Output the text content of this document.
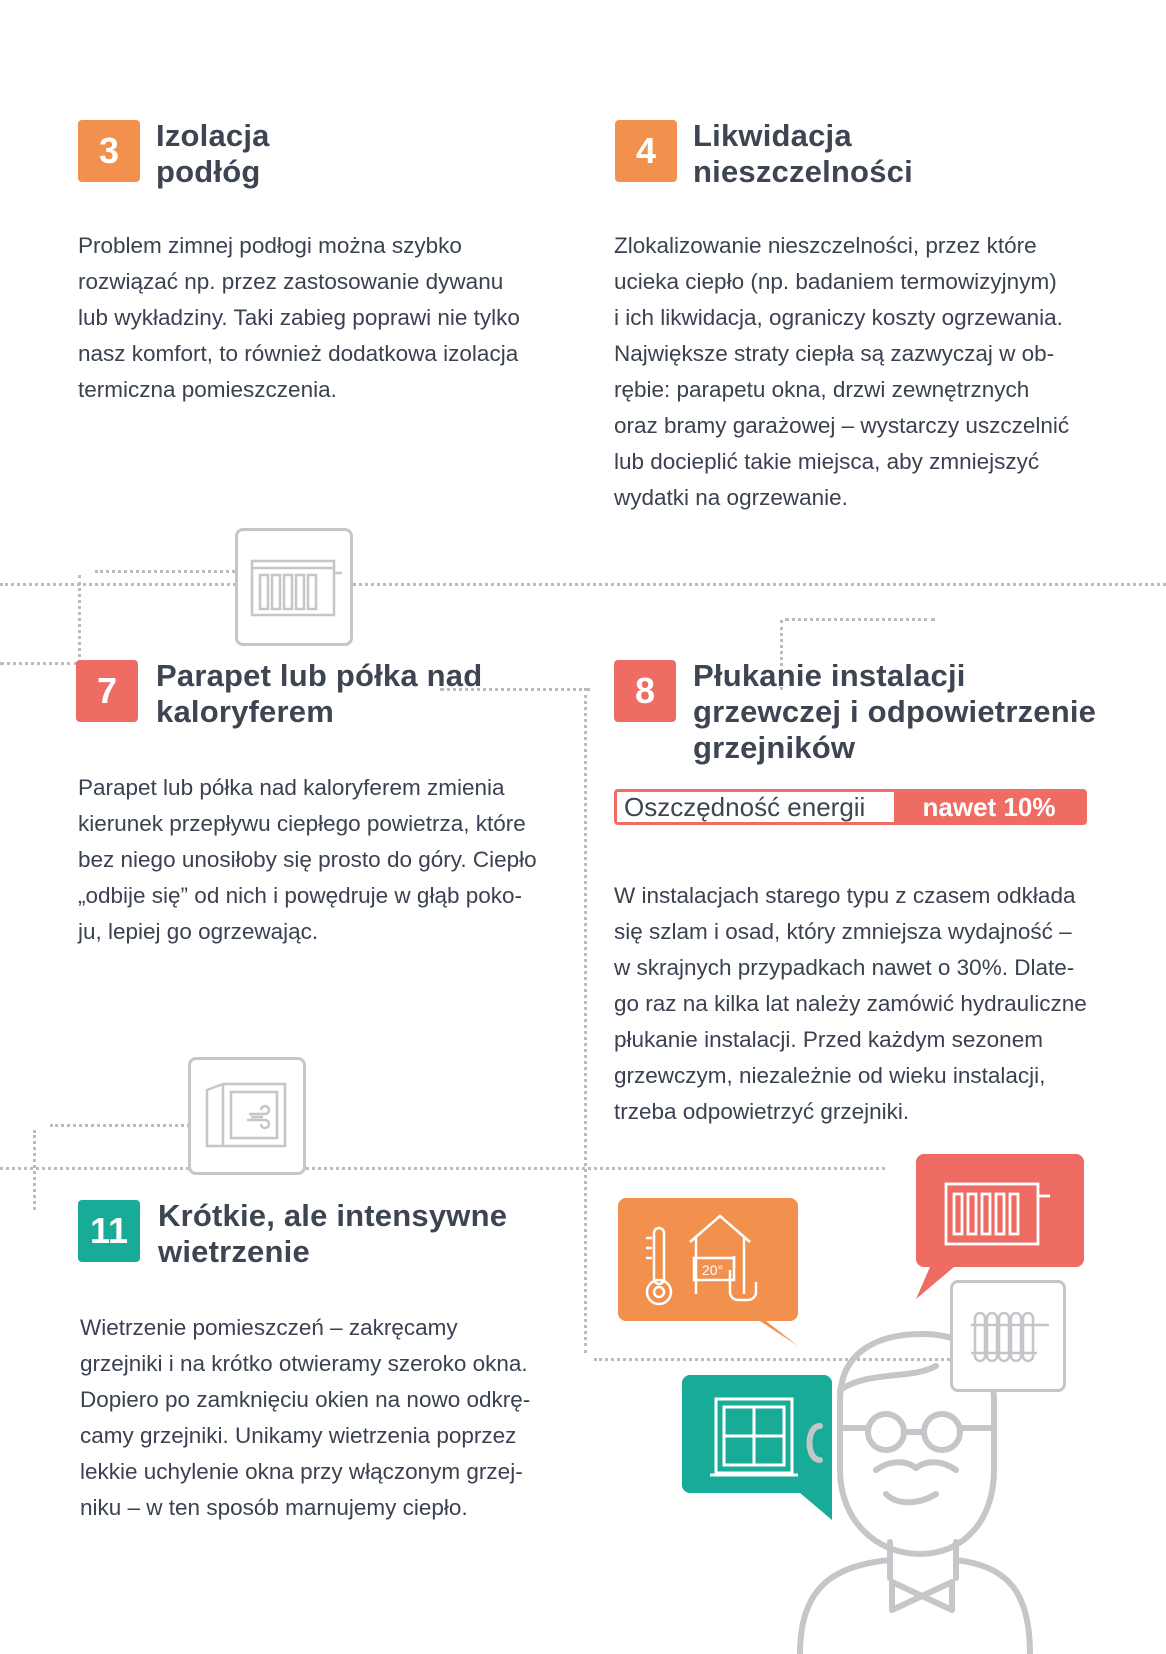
3	Izolacja
podłóg
Problem zimnej podłogi można szybko
rozwiązać np. przez zastosowanie dywanu
lub wykładziny. Taki zabieg poprawi nie tylko
nasz komfort, to również dodatkowa izolacja
termiczna pomieszczenia.
4	Likwidacja
nieszczelności
Zlokalizowanie nieszczelności, przez które
ucieka ciepło (np. badaniem termowizyjnym)
i ich likwidacja, ograniczy koszty ogrzewania.
Największe straty ciepła są zazwyczaj w ob-
rębie: parapetu okna, drzwi zewnętrznych
oraz bramy garażowej – wystarczy uszczelnić
lub docieplić takie miejsca, aby zmniejszyć
wydatki na ogrzewanie.
7	Parapet lub półka nad
kaloryferem
Parapet lub półka nad kaloryferem zmienia
kierunek przepływu ciepłego powietrza, które
bez niego unosiłoby się prosto do góry. Ciepło
„odbije się” od nich i powędruje w głąb poko-
ju, lepiej go ogrzewając.
8	Płukanie instalacji
grzewczej i odpowietrzenie
grzejników
Oszczędność energii	nawet 10%
W instalacjach starego typu z czasem odkłada
się szlam i osad, który zmniejsza wydajność –
w skrajnych przypadkach nawet o 30%. Dlate-
go raz na kilka lat należy zamówić hydrauliczne
płukanie instalacji. Przed każdym sezonem
grzewczym, niezależnie od wieku instalacji,
trzeba odpowietrzyć grzejniki.
11 Krótkie, ale intensywne
wietrzenie
Wietrzenie pomieszczeń – zakręcamy
grzejniki i na krótko otwieramy szeroko okna.
Dopiero po zamknięciu okien na nowo odkrę-
camy grzejniki. Unikamy wietrzenia poprzez
lekkie uchylenie okna przy włączonym grzej-
niku – w ten sposób marnujemy ciepło.
20°
